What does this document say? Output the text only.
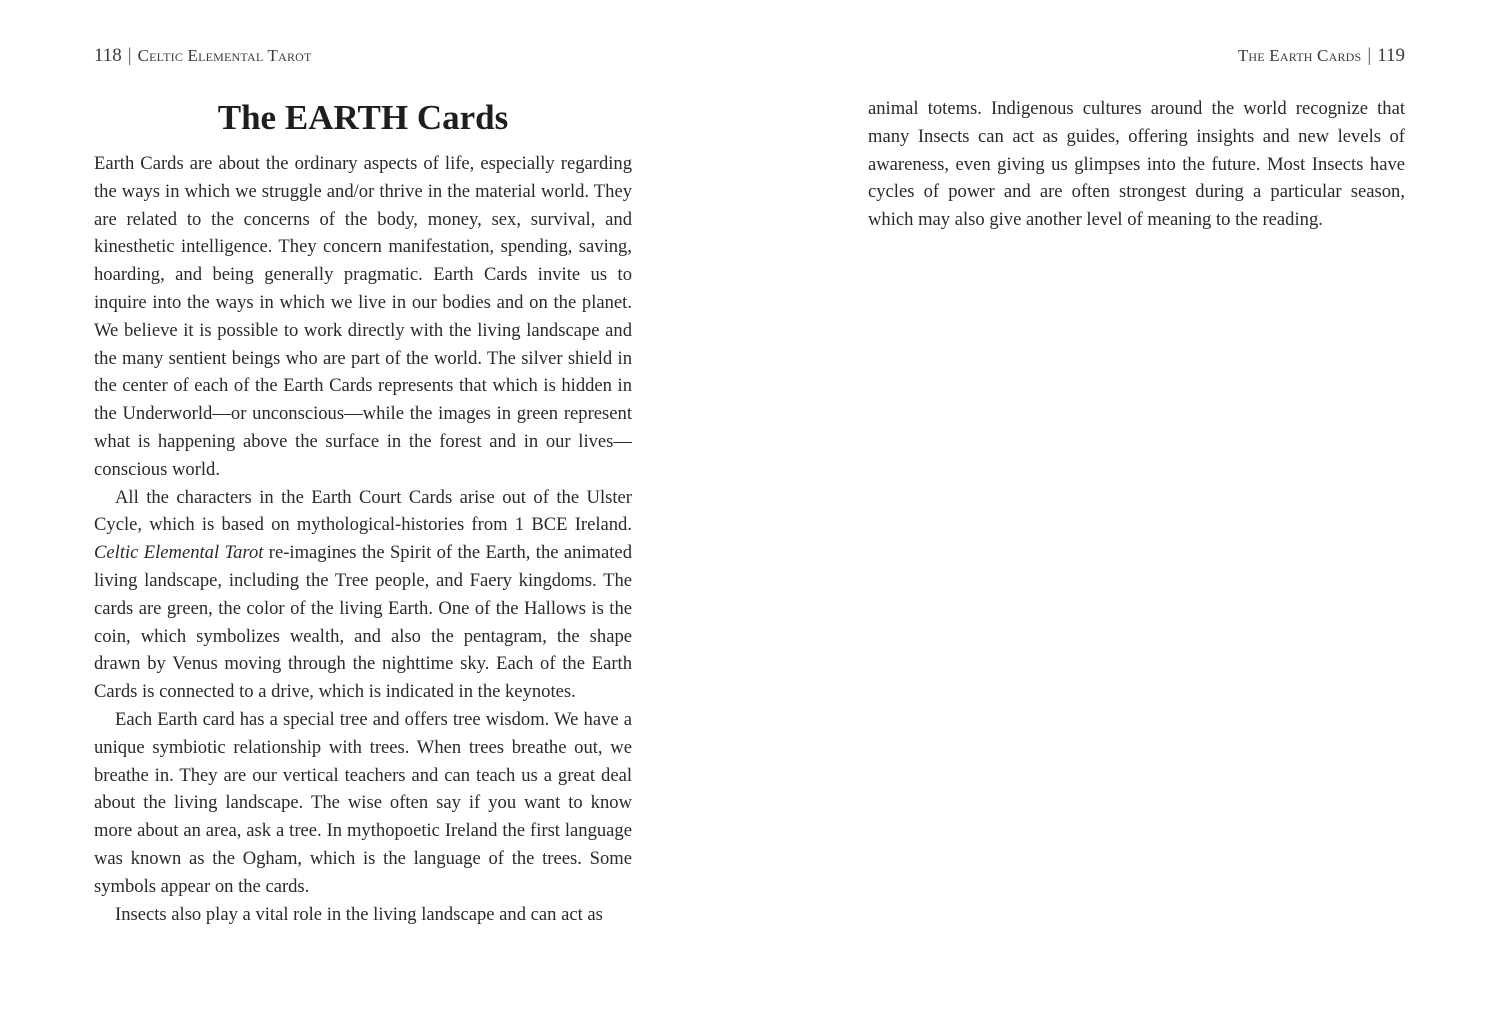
118 | Celtic Elemental Tarot
The EARTH Cards

Earth Cards are about the ordinary aspects of life, especially regarding the ways in which we struggle and/or thrive in the material world. They are related to the concerns of the body, money, sex, survival, and kinesthetic intelligence. They concern manifestation, spending, saving, hoarding, and being generally pragmatic. Earth Cards invite us to inquire into the ways in which we live in our bodies and on the planet. We believe it is possible to work directly with the living landscape and the many sentient beings who are part of the world. The silver shield in the center of each of the Earth Cards represents that which is hidden in the Underworld—or unconscious—while the images in green represent what is happening above the surface in the forest and in our lives—conscious world.

All the characters in the Earth Court Cards arise out of the Ulster Cycle, which is based on mythological-histories from 1 BCE Ireland. Celtic Elemental Tarot re-imagines the Spirit of the Earth, the animated living landscape, including the Tree people, and Faery kingdoms. The cards are green, the color of the living Earth. One of the Hallows is the coin, which symbolizes wealth, and also the pentagram, the shape drawn by Venus moving through the nighttime sky. Each of the Earth Cards is connected to a drive, which is indicated in the keynotes.

Each Earth card has a special tree and offers tree wisdom. We have a unique symbiotic relationship with trees. When trees breathe out, we breathe in. They are our vertical teachers and can teach us a great deal about the living landscape. The wise often say if you want to know more about an area, ask a tree. In mythopoetic Ireland the first language was known as the Ogham, which is the language of the trees. Some symbols appear on the cards.

Insects also play a vital role in the living landscape and can act as

The Earth Cards | 119

animal totems. Indigenous cultures around the world recognize that many Insects can act as guides, offering insights and new levels of awareness, even giving us glimpses into the future. Most Insects have cycles of power and are often strongest during a particular season, which may also give another level of meaning to the reading.
